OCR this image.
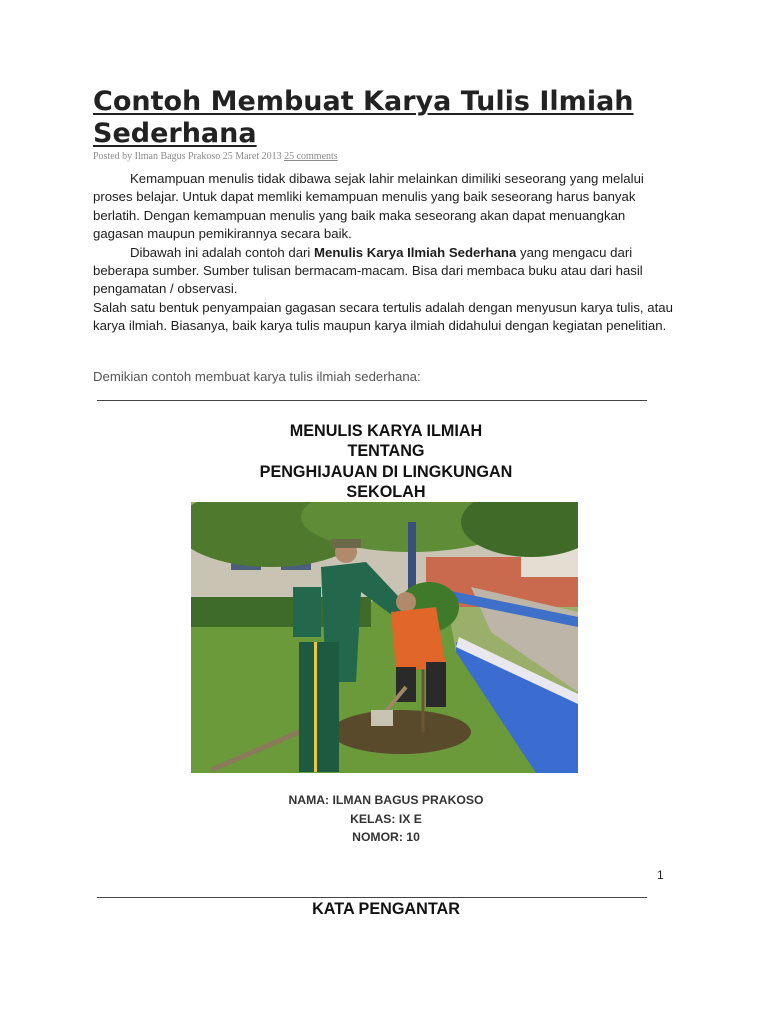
Contoh Membuat Karya Tulis Ilmiah
Sederhana
Posted by Ilman Bagus Prakoso 25 Maret 2013 25 comments

Kemampuan menulis tidak dibawa sejak lahir melainkan dimiliki seseorang yang melalui proses belajar. Untuk dapat memliki kemampuan menulis yang baik seseorang harus banyak berlatih. Dengan kemampuan menulis yang baik maka seseorang akan dapat menuangkan gagasan maupun pemikirannya secara baik.

Dibawah ini adalah contoh dari Menulis Karya Ilmiah Sederhana yang mengacu dari beberapa sumber. Sumber tulisan bermacam-macam. Bisa dari membaca buku atau dari hasil pengamatan / observasi.

Salah satu bentuk penyampaian gagasan secara tertulis adalah dengan menyusun karya tulis, atau karya ilmiah. Biasanya, baik karya tulis maupun karya ilmiah didahului dengan kegiatan penelitian.

Demikian contoh membuat karya tulis ilmiah sederhana:
MENULIS KARYA ILMIAH
TENTANG
PENGHIJAUAN DI LINGKUNGAN
SEKOLAH
NAMA: ILMAN BAGUS PRAKOSO
KELAS: IX E
NOMOR: 10
1
KATA PENGANTAR
